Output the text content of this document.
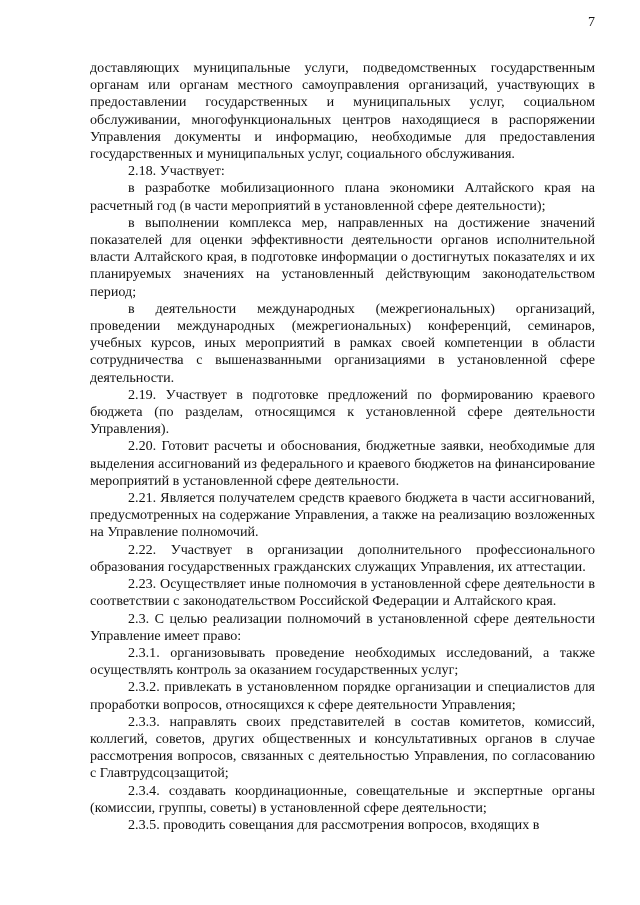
7

доставляющих муниципальные услуги, подведомственных государственным органам или органам местного самоуправления организаций, участвующих в предоставлении государственных и муниципальных услуг, социальном обслуживании, многофункциональных центров находящиеся в распоряжении Управления документы и информацию, необходимые для предоставления государственных и муниципальных услуг, социального обслуживания.

2.18. Участвует:

в разработке мобилизационного плана экономики Алтайского края на расчетный год (в части мероприятий в установленной сфере деятельности);

в выполнении комплекса мер, направленных на достижение значений показателей для оценки эффективности деятельности органов исполнительной власти Алтайского края, в подготовке информации о достигнутых показателях и их планируемых значениях на установленный действующим законодательством период;

в деятельности международных (межрегиональных) организаций, проведении международных (межрегиональных) конференций, семинаров, учебных курсов, иных мероприятий в рамках своей компетенции в области сотрудничества с вышеназванными организациями в установленной сфере деятельности.

2.19. Участвует в подготовке предложений по формированию краевого бюджета (по разделам, относящимся к установленной сфере деятельности Управления).

2.20. Готовит расчеты и обоснования, бюджетные заявки, необходимые для выделения ассигнований из федерального и краевого бюджетов на финансирование мероприятий в установленной сфере деятельности.

2.21. Является получателем средств краевого бюджета в части ассигнований, предусмотренных на содержание Управления, а также на реализацию возложенных на Управление полномочий.

2.22. Участвует в организации дополнительного профессионального образования государственных гражданских служащих Управления, их аттестации.

2.23. Осуществляет иные полномочия в установленной сфере деятельности в соответствии с законодательством Российской Федерации и Алтайского края.

2.3. С целью реализации полномочий в установленной сфере деятельности Управление имеет право:

2.3.1. организовывать проведение необходимых исследований, а также осуществлять контроль за оказанием государственных услуг;

2.3.2. привлекать в установленном порядке организации и специалистов для проработки вопросов, относящихся к сфере деятельности Управления;

2.3.3. направлять своих представителей в состав комитетов, комиссий, коллегий, советов, других общественных и консультативных органов в случае рассмотрения вопросов, связанных с деятельностью Управления, по согласованию с Главтрудсоцзащитой;

2.3.4. создавать координационные, совещательные и экспертные органы (комиссии, группы, советы) в установленной сфере деятельности;

2.3.5. проводить совещания для рассмотрения вопросов, входящих в
